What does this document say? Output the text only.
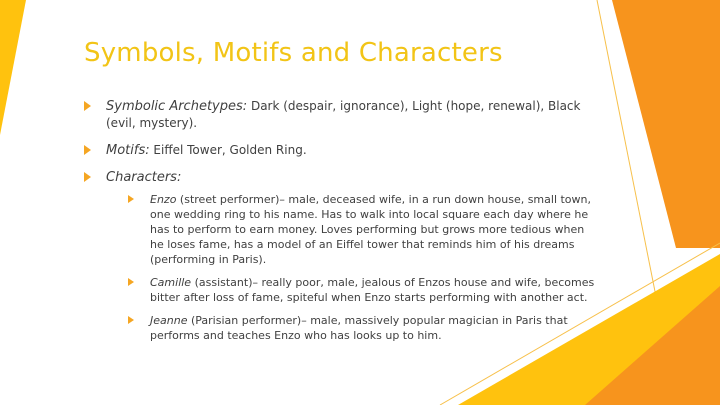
Symbols, Motifs and Characters
Symbolic Archetypes: Dark (despair, ignorance), Light (hope, renewal), Black (evil, mystery).
Motifs: Eiffel Tower, Golden Ring.
Characters:
Enzo (street performer)– male, deceased wife, in a run down house, small town, one wedding ring to his name. Has to walk into local square each day where he has to perform to earn money. Loves performing but grows more tedious when he loses fame, has a model of an Eiffel tower that reminds him of his dreams (performing in Paris).
Camille (assistant)– really poor, male, jealous of Enzos house and wife, becomes bitter after loss of fame, spiteful when Enzo starts performing with another act.
Jeanne (Parisian performer)– male, massively popular magician in Paris that performs and teaches Enzo who has looks up to him.
